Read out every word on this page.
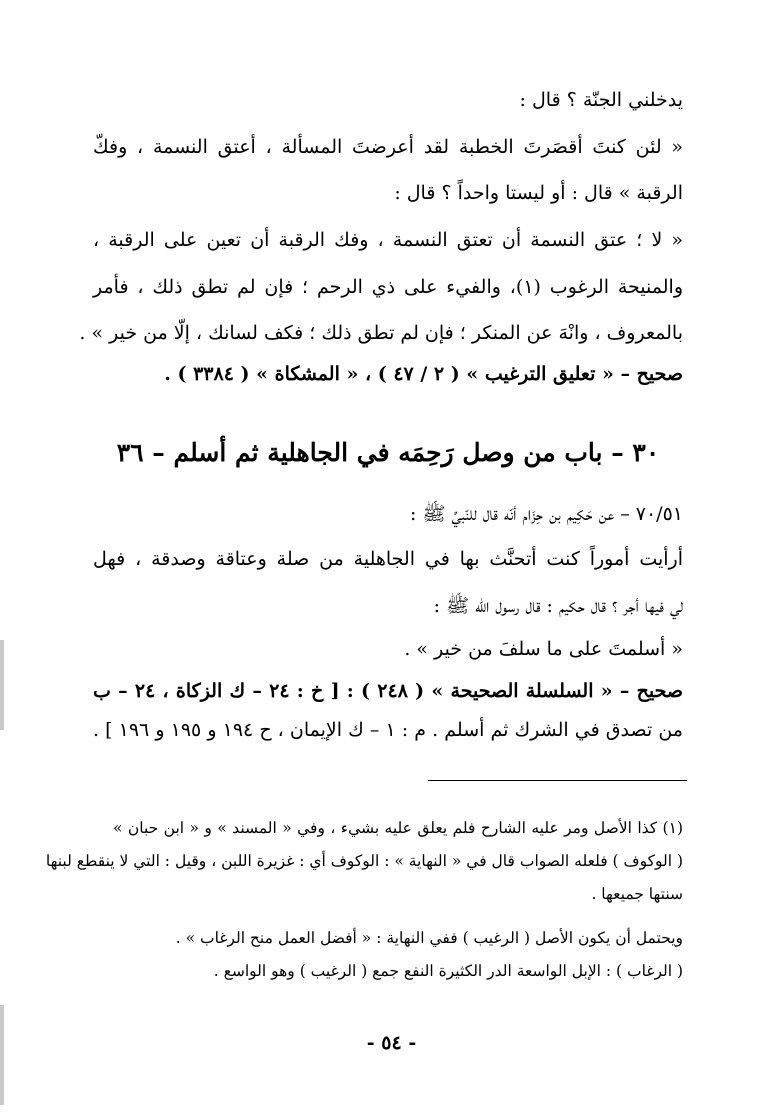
يدخلني الجنّة ؟ قال :
« لئن كنتَ أقصَرتَ الخطبة لقد أعرضتَ المسألة ، أعتق النسمة ، وفكّ
الرقبة » قال : أو ليستا واحداً ؟ قال :
« لا ؛ عتق النسمة أن تعتق النسمة ، وفك الرقبة أن تعين على الرقبة ،
والمنيحة الرغوب (١)، والفيء على ذي الرحم ؛ فإن لم تطق ذلك ، فأمر
بالمعروف ، وانْهَ عن المنكر ؛ فإن لم تطق ذلك ؛ فكف لسانك ، إلّا من خير » .
صحيح – « تعليق الترغيب » ( ٢ / ٤٧ ) ، « المشكاة » ( ٣٣٨٤ ) .
٣٠ – باب من وصل رَحِمَه في الجاهلية ثم أسلم – ٣٦
٧٠/٥١ – عن حَكِيم بن حِزَام أنّه قال للنّبيِّ ﷺ :
أرأيت أموراً كنت أتحنَّث بها في الجاهلية من صلة وعتاقة وصدقة ، فهل
لي فيها أجر ؟ قال حكيم : قال رسول الله ﷺ :
« أسلمتَ على ما سلفَ من خير » .
صحيح – « السلسلة الصحيحة » ( ٢٤٨ ) : [ خ : ٢٤ – ك الزكاة ، ٢٤ – ب
من تصدق في الشرك ثم أسلم . م : ١ – ك الإيمان ، ح ١٩٤ و ١٩٥ و ١٩٦ ] .
(١) كذا الأصل ومر عليه الشارح فلم يعلق عليه بشيء ، وفي « المسند » و « ابن حبان »
( الوكوف ) فلعله الصواب قال في « النهاية » : الوكوف أي : غزيرة اللبن ، وقيل : التي لا ينقطع لبنها
سنتها جميعها .
ويحتمل أن يكون الأصل ( الرغيب ) ففي النهاية : « أفضل العمل منح الرغاب » .
( الرغاب ) : الإبل الواسعة الدر الكثيرة النفع جمع ( الرغيب ) وهو الواسع .
- ٥٤ -
